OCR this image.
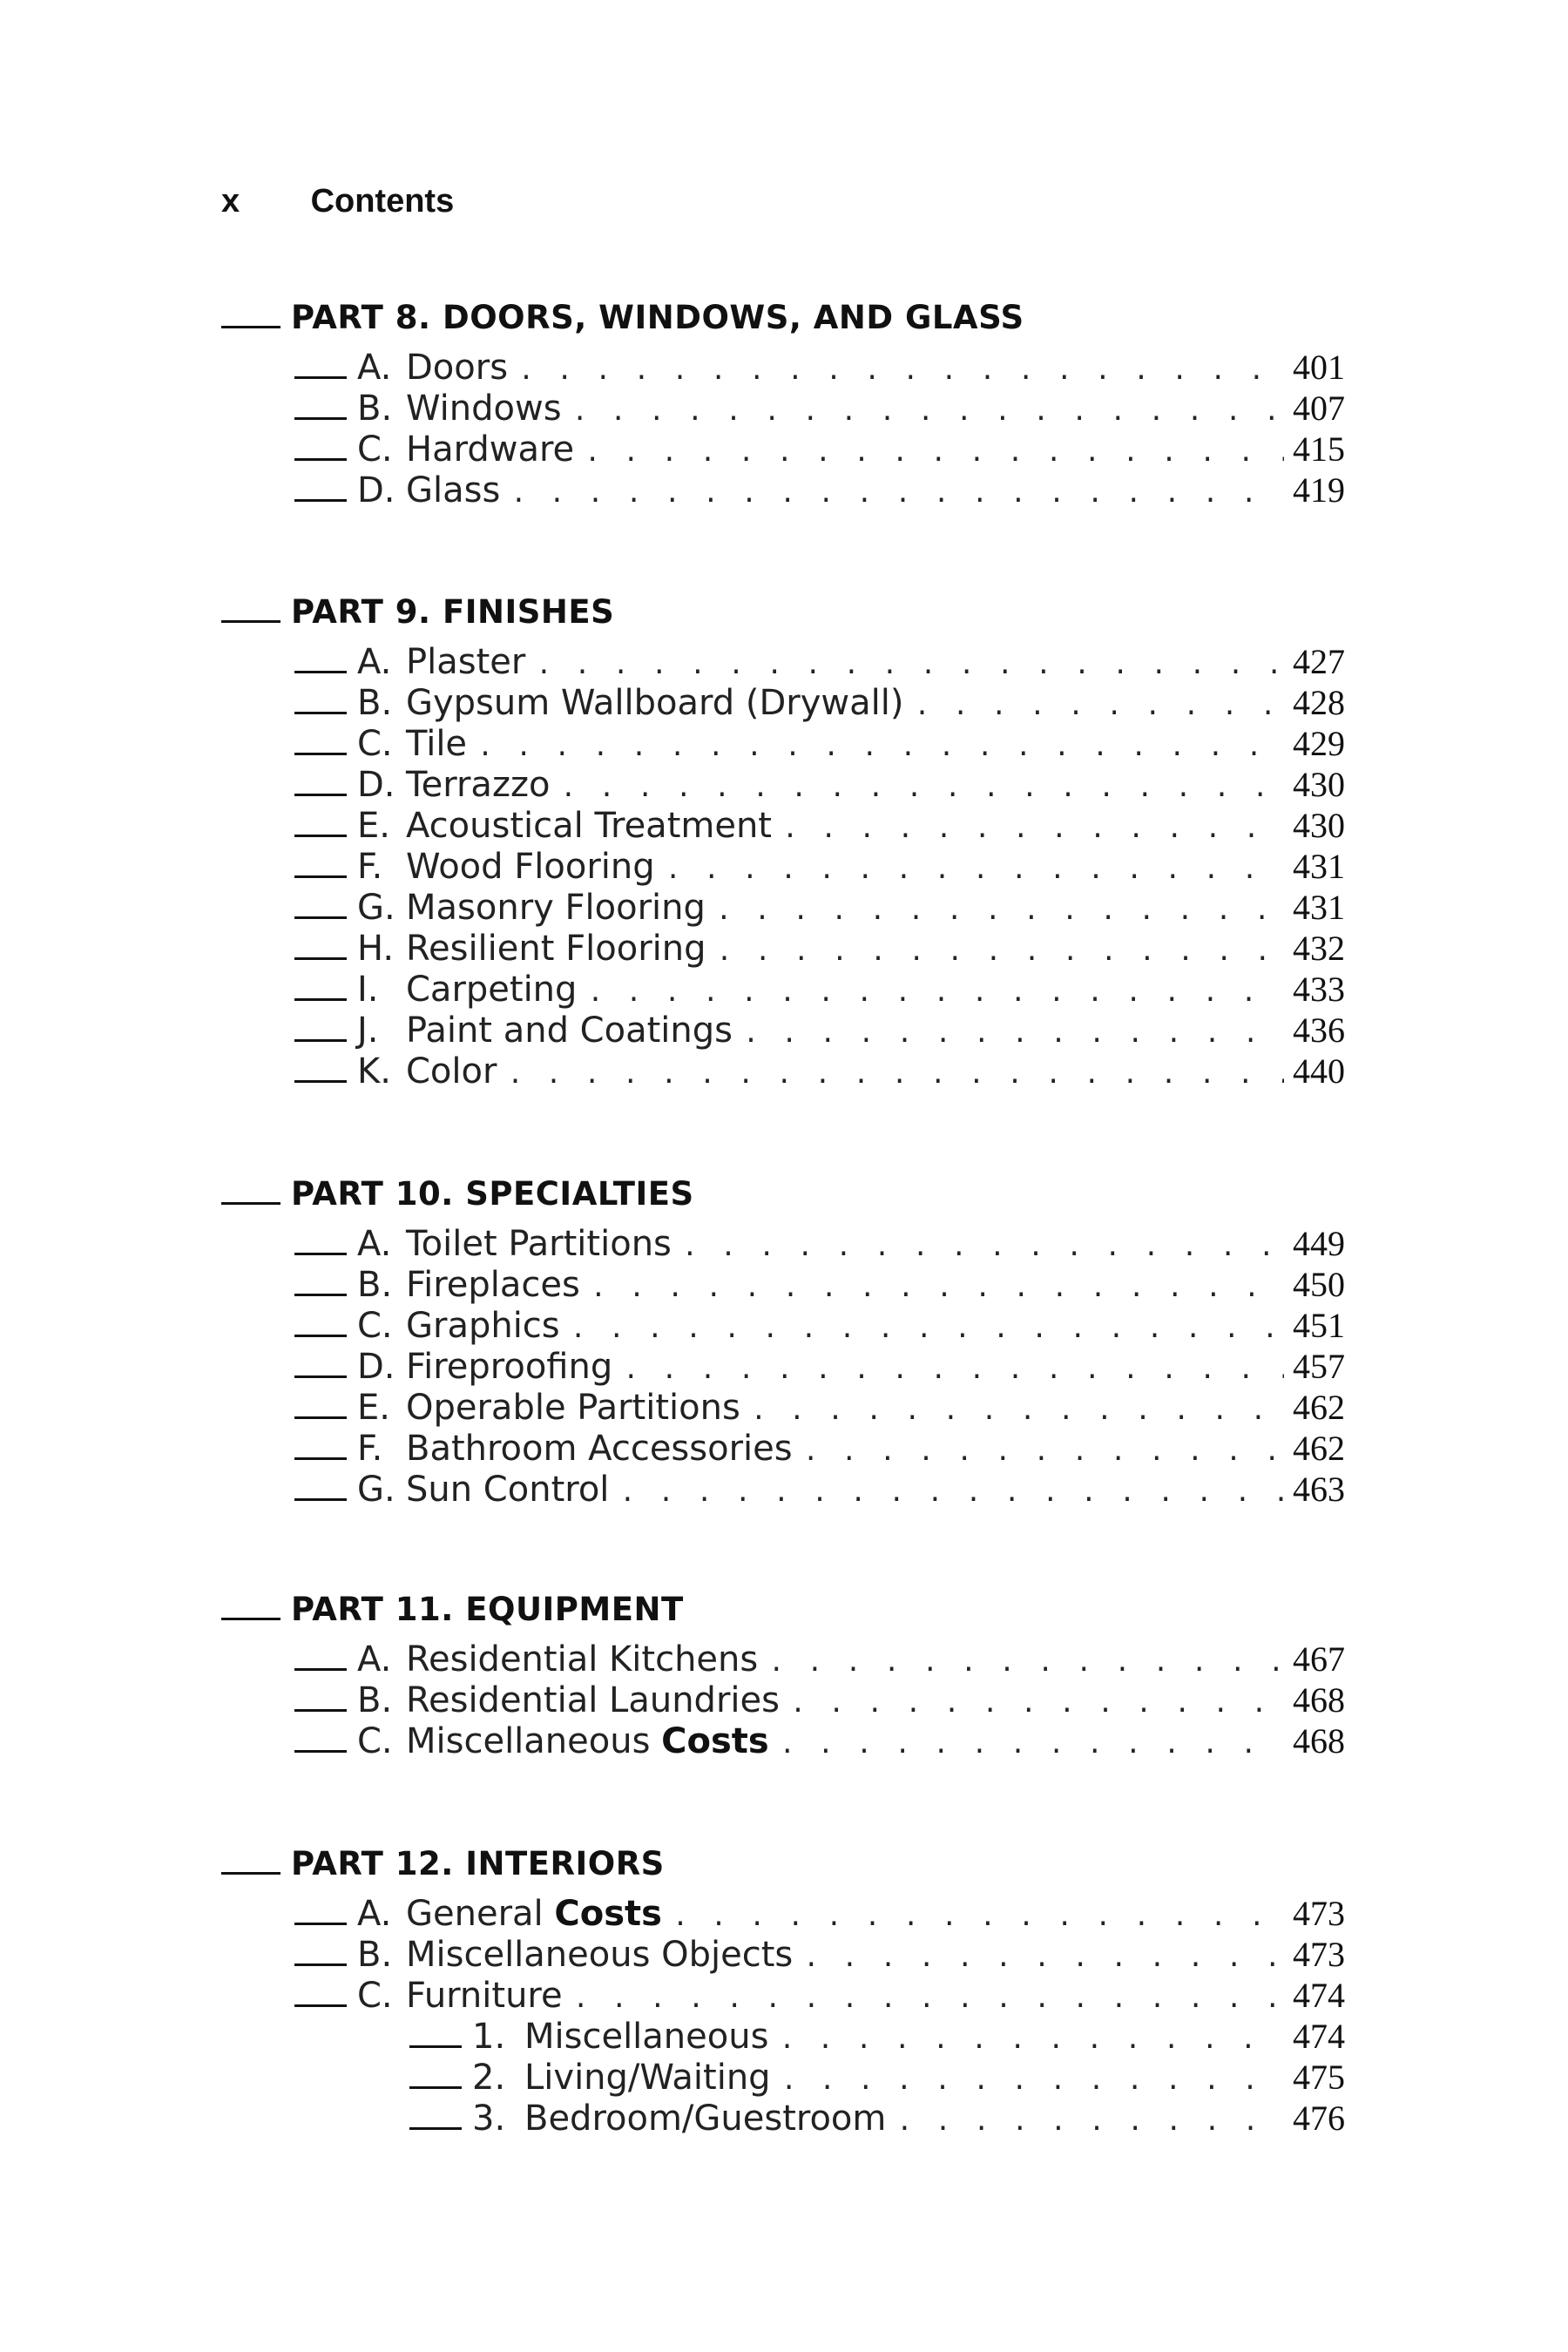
x Contents
PART 8. DOORS, WINDOWS, AND GLASS
A. Doors . . .	401
B. Windows . . .	407
C. Hardware . . .	415
D. Glass . . .	419
PART 9. FINISHES
A. Plaster . . .	427
B. Gypsum Wallboard (Drywall) . . .	428
C. Tile . . .	429
D. Terrazzo . . .	430
E. Acoustical Treatment . . .	430
F. Wood Flooring . . .	431
G. Masonry Flooring . . .	431
H. Resilient Flooring . . .	432
I. Carpeting . . .	433
J. Paint and Coatings . . .	436
K. Color . . .	440
PART 10. SPECIALTIES
A. Toilet Partitions . . .	449
B. Fireplaces . . .	450
C. Graphics . . .	451
D. Fireproofing . . .	457
E. Operable Partitions . . .	462
F. Bathroom Accessories . . .	462
G. Sun Control . . .	463
PART 11. EQUIPMENT
A. Residential Kitchens . . .	467
B. Residential Laundries . . .	468
C. Miscellaneous Costs . . .	468
PART 12. INTERIORS
A. General Costs . . .	473
B. Miscellaneous Objects . . .	473
C. Furniture . . .	474
1. Miscellaneous . . .	474
2. Living/Waiting . . .	475
3. Bedroom/Guestroom . . .	476
